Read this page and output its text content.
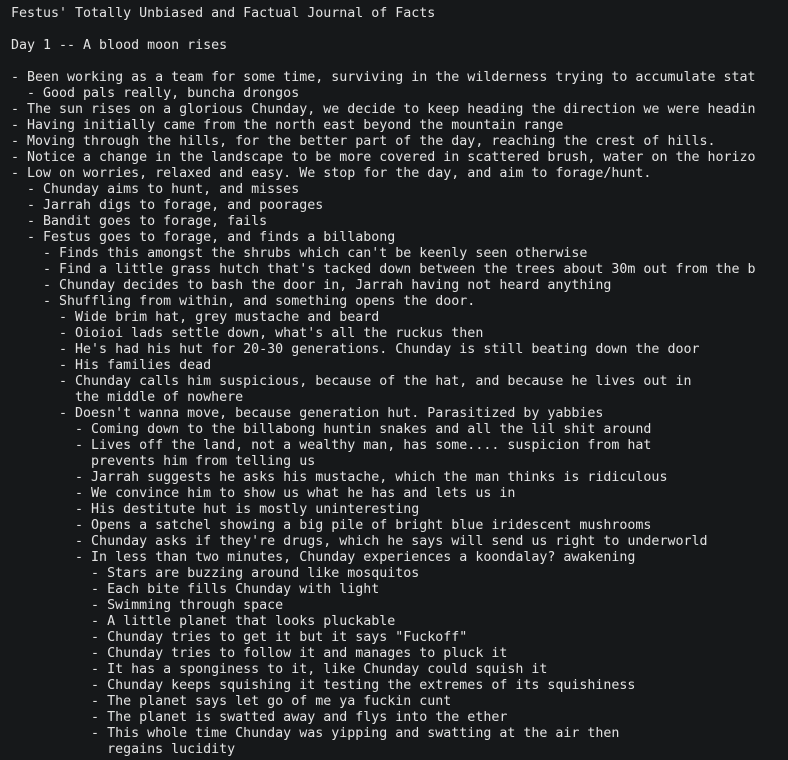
Festus' Totally Unbiased and Factual Journal of Facts
Day 1 -- A blood moon rises
- Been working as a team for some time, surviving in the wilderness trying to accumulate stat
- Good pals really, buncha drongos
- The sun rises on a glorious Chunday, we decide to keep heading the direction we were headin
- Having initially came from the north east beyond the mountain range
- Moving through the hills, for the better part of the day, reaching the crest of hills.
- Notice a change in the landscape to be more covered in scattered brush, water on the horizo
- Low on worries, relaxed and easy. We stop for the day, and aim to forage/hunt.
- Chunday aims to hunt, and misses
- Jarrah digs to forage, and poorages
- Bandit goes to forage, fails
- Festus goes to forage, and finds a billabong
- Finds this amongst the shrubs which can't be keenly seen otherwise
- Find a little grass hutch that's tacked down between the trees about 30m out from the b
- Chunday decides to bash the door in, Jarrah having not heard anything
- Shuffling from within, and something opens the door.
- Wide brim hat, grey mustache and beard
- Oioioi lads settle down, what's all the ruckus then
- He's had his hut for 20-30 generations. Chunday is still beating down the door
- His families dead
- Chunday calls him suspicious, because of the hat, and because he lives out in
the middle of nowhere
- Doesn't wanna move, because generation hut. Parasitized by yabbies
- Coming down to the billabong huntin snakes and all the lil shit around
- Lives off the land, not a wealthy man, has some.... suspicion from hat
prevents him from telling us
- Jarrah suggests he asks his mustache, which the man thinks is ridiculous
- We convince him to show us what he has and lets us in
- His destitute hut is mostly uninteresting
- Opens a satchel showing a big pile of bright blue iridescent mushrooms
- Chunday asks if they're drugs, which he says will send us right to underworld
- In less than two minutes, Chunday experiences a koondalay? awakening
- Stars are buzzing around like mosquitos
- Each bite fills Chunday with light
- Swimming through space
- A little planet that looks pluckable
- Chunday tries to get it but it says "Fuckoff"
- Chunday tries to follow it and manages to pluck it
- It has a sponginess to it, like Chunday could squish it
- Chunday keeps squishing it testing the extremes of its squishiness
- The planet says let go of me ya fuckin cunt
- The planet is swatted away and flys into the ether
- This whole time Chunday was yipping and swatting at the air then
regains lucidity
